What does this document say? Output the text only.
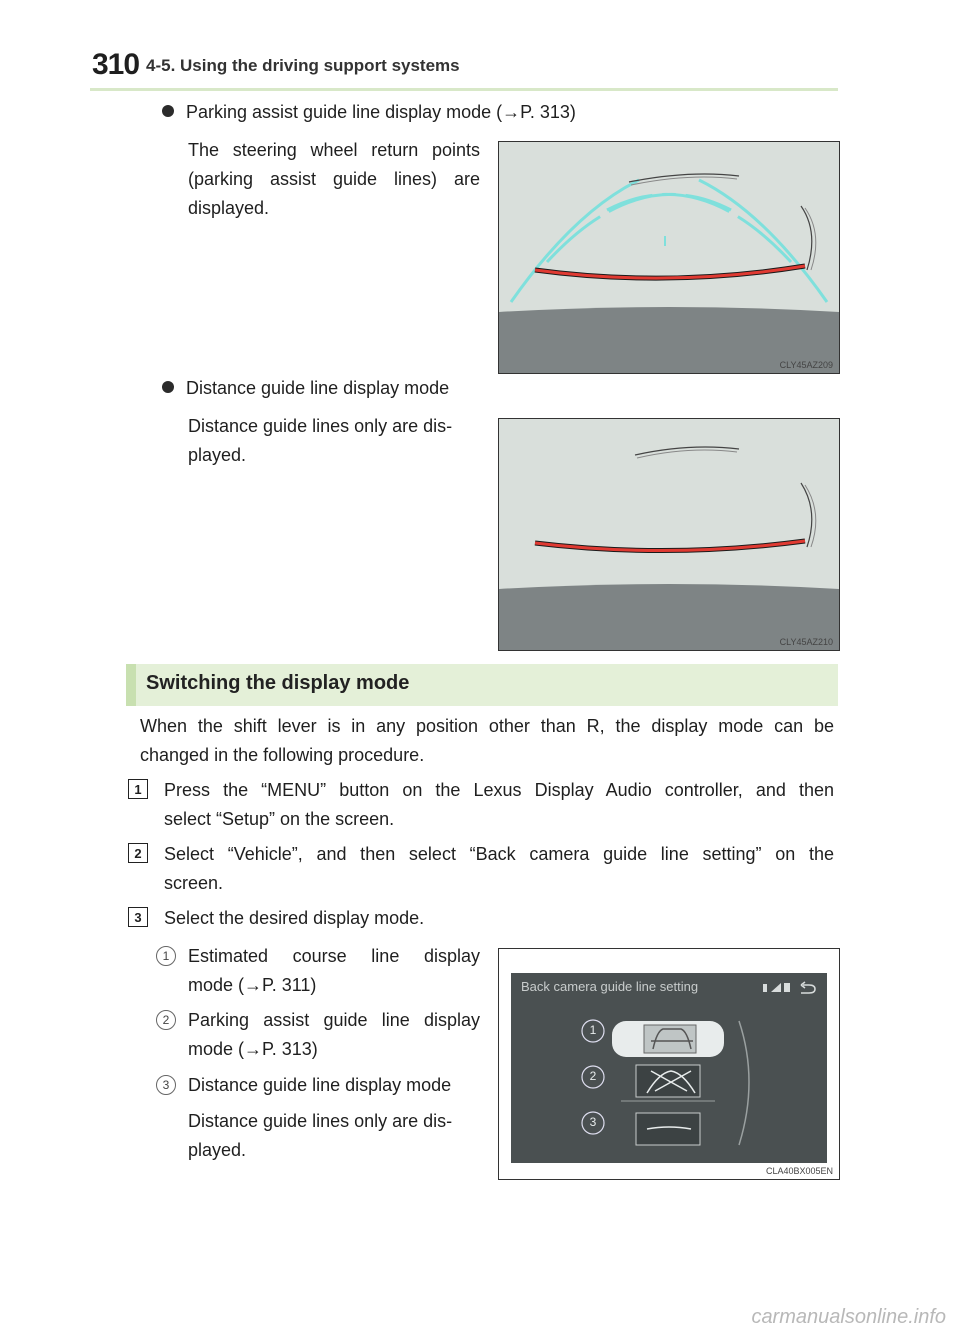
310 4-5. Using the driving support systems
Parking assist guide line display mode (→P. 313)
The steering wheel return points
(parking assist guide lines) are
displayed.
CLY45AZ209
Distance guide line display mode
Distance guide lines only are dis-
played.
CLY45AZ210
Switching the display mode
When the shift lever is in any position other than R, the display mode can be
changed in the following procedure.
1	Press the “MENU” button on the Lexus Display Audio controller, and then
select “Setup” on the screen.
2	Select “Vehicle”, and then select “Back camera guide line setting” on the
screen.
3	Select the desired display mode.
1	Estimated course line display
mode (→P. 311)
2	Parking assist guide line display
mode (→P. 313)
3	Distance guide line display mode
Distance guide lines only are dis-
played.
Back camera guide line setting
1
2
3
CLA40BX005EN
carmanualsonline.info
